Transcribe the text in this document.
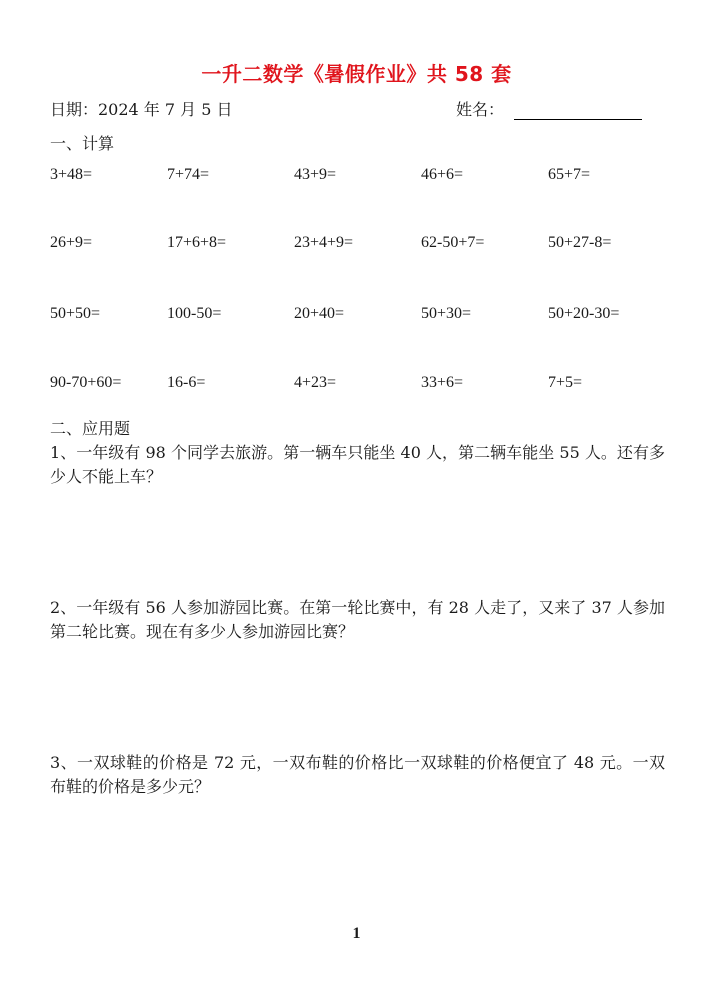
一升二数学《暑假作业》共 58 套
日期：2024 年 7 月 5 日	姓名：
一、计算
3+48=	7+74=	43+9=	46+6=	65+7=
26+9=	17+6+8=	23+4+9=	62-50+7=	50+27-8=
50+50=	100-50=	20+40=	50+30=	50+20-30=
90-70+60=	16-6=	4+23=	33+6=	7+5=
二、应用题
1、一年级有 98 个同学去旅游。第一辆车只能坐 40 人，第二辆车能坐 55 人。还有多少人不能上车？
2、一年级有 56 人参加游园比赛。在第一轮比赛中，有 28 人走了，又来了 37 人参加第二轮比赛。现在有多少人参加游园比赛？
3、一双球鞋的价格是 72 元，一双布鞋的价格比一双球鞋的价格便宜了 48 元。一双布鞋的价格是多少元？
1
